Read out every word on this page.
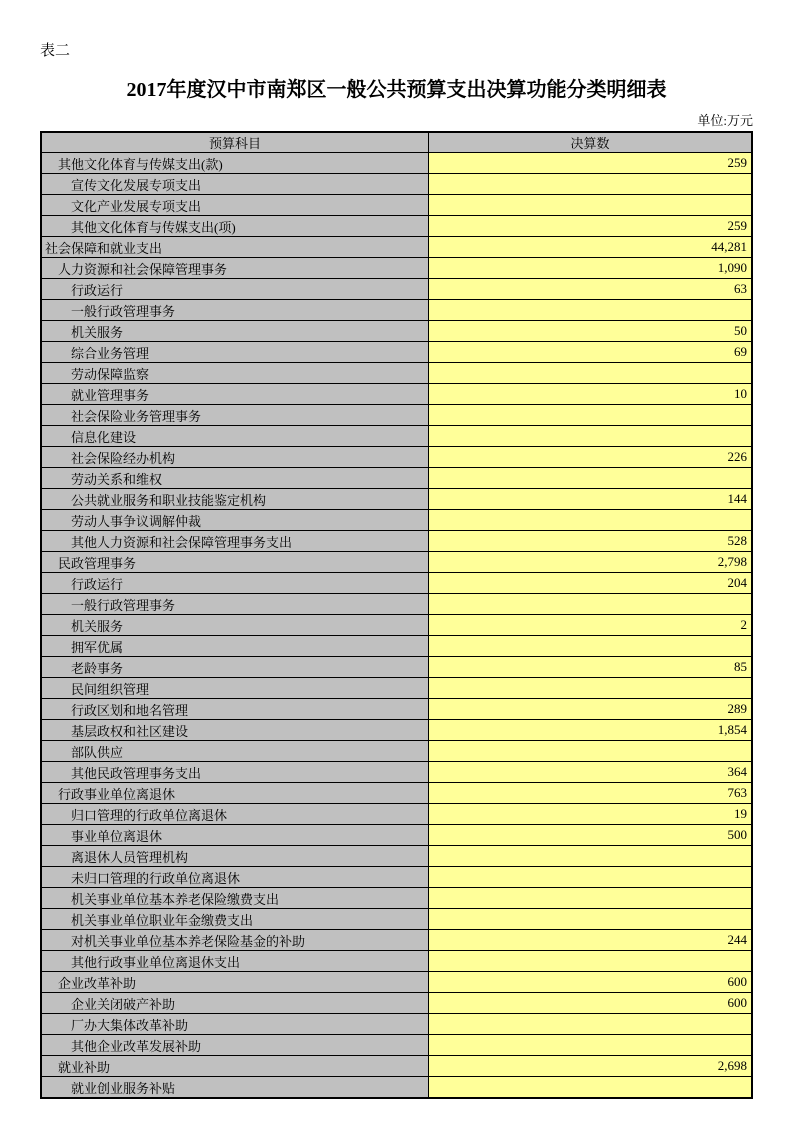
表二
2017年度汉中市南郑区一般公共预算支出决算功能分类明细表
单位:万元
预算科目	决算数
其他文化体育与传媒支出(款)	259
宣传文化发展专项支出	
文化产业发展专项支出	
其他文化体育与传媒支出(项)	259
社会保障和就业支出	44,281
人力资源和社会保障管理事务	1,090
行政运行	63
一般行政管理事务	
机关服务	50
综合业务管理	69
劳动保障监察	
就业管理事务	10
社会保险业务管理事务	
信息化建设	
社会保险经办机构	226
劳动关系和维权	
公共就业服务和职业技能鉴定机构	144
劳动人事争议调解仲裁	
其他人力资源和社会保障管理事务支出	528
民政管理事务	2,798
行政运行	204
一般行政管理事务	
机关服务	2
拥军优属	
老龄事务	85
民间组织管理	
行政区划和地名管理	289
基层政权和社区建设	1,854
部队供应	
其他民政管理事务支出	364
行政事业单位离退休	763
归口管理的行政单位离退休	19
事业单位离退休	500
离退休人员管理机构	
未归口管理的行政单位离退休	
机关事业单位基本养老保险缴费支出	
机关事业单位职业年金缴费支出	
对机关事业单位基本养老保险基金的补助	244
其他行政事业单位离退休支出	
企业改革补助	600
企业关闭破产补助	600
厂办大集体改革补助	
其他企业改革发展补助	
就业补助	2,698
就业创业服务补贴	
